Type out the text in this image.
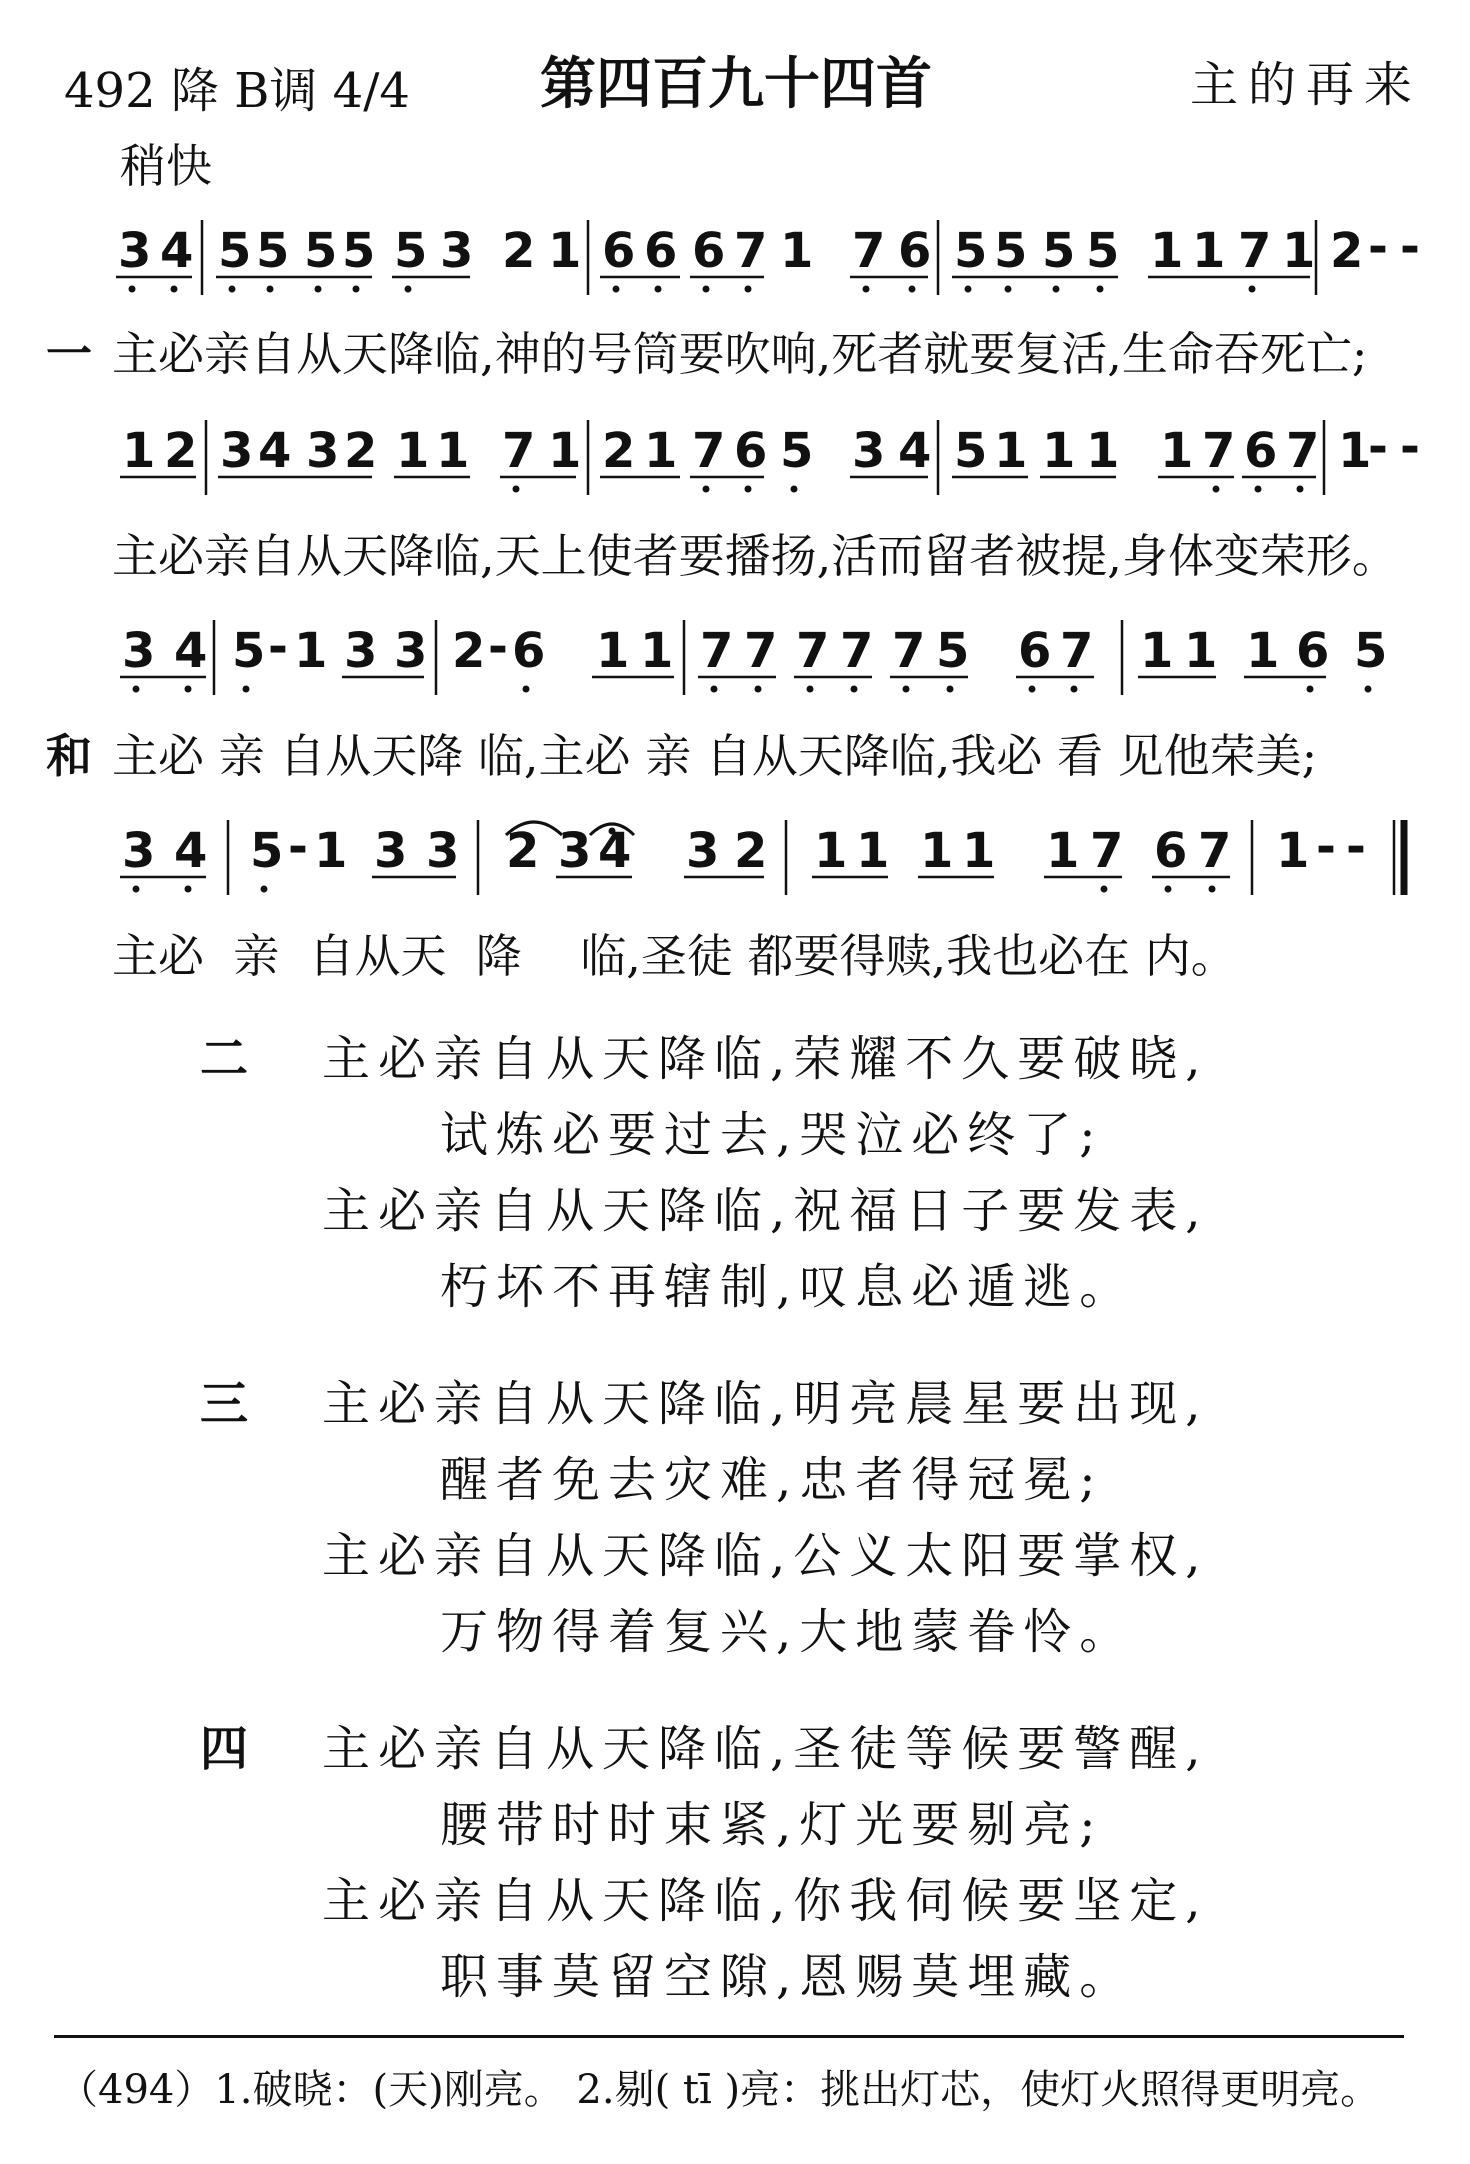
492 降 B调 4/4 第四百九十四首	主的再来
稍快
3 4 5 5 5 5 5 3 2 1 6 6 6 7 1 7 6 5 5 5 5 1 1 7 1 2 - -
一 主必亲自从天降临,神的号筒要吹响,死者就要复活,生命吞死亡;
1 2 3 4 3 2 1 1 7 1 2 1 7 6 5 3 4 5 1 1 1 1 7 6 7 1
- -
主必亲自从天降临,天上使者要播扬,活而留者被提,身体变荣形。
3 4 5 - 1 3 3 2 - 6 1 1 7 7 7 7 7 5 6 7 1 1 1 6 5
和 主必 亲 自从天降 临,主必 亲 自从天降临,我必 看 见他荣美;
3 4 5 - 1 3 3 2 3 4 3 2 1 1 1 1 1 7 6 7 1 - -
主必  亲  自从天  降    临,圣徒 都要得赎,我也必在 内。
二 主必亲自从天降临,荣耀不久要破晓,
试炼必要过去,哭泣必终了;
主必亲自从天降临,祝福日子要发表,
朽坏不再辖制,叹息必遁逃。
三 主必亲自从天降临,明亮晨星要出现,
醒者免去灾难,忠者得冠冕;
主必亲自从天降临,公义太阳要掌权,
万物得着复兴,大地蒙眷怜。
四 主必亲自从天降临,圣徒等候要警醒,
腰带时时束紧,灯光要剔亮;
主必亲自从天降临,你我伺候要坚定,
职事莫留空隙,恩赐莫埋藏。
（494）1.破晓：(天)刚亮。 2.剔( tī )亮：挑出灯芯，使灯火照得更明亮。
